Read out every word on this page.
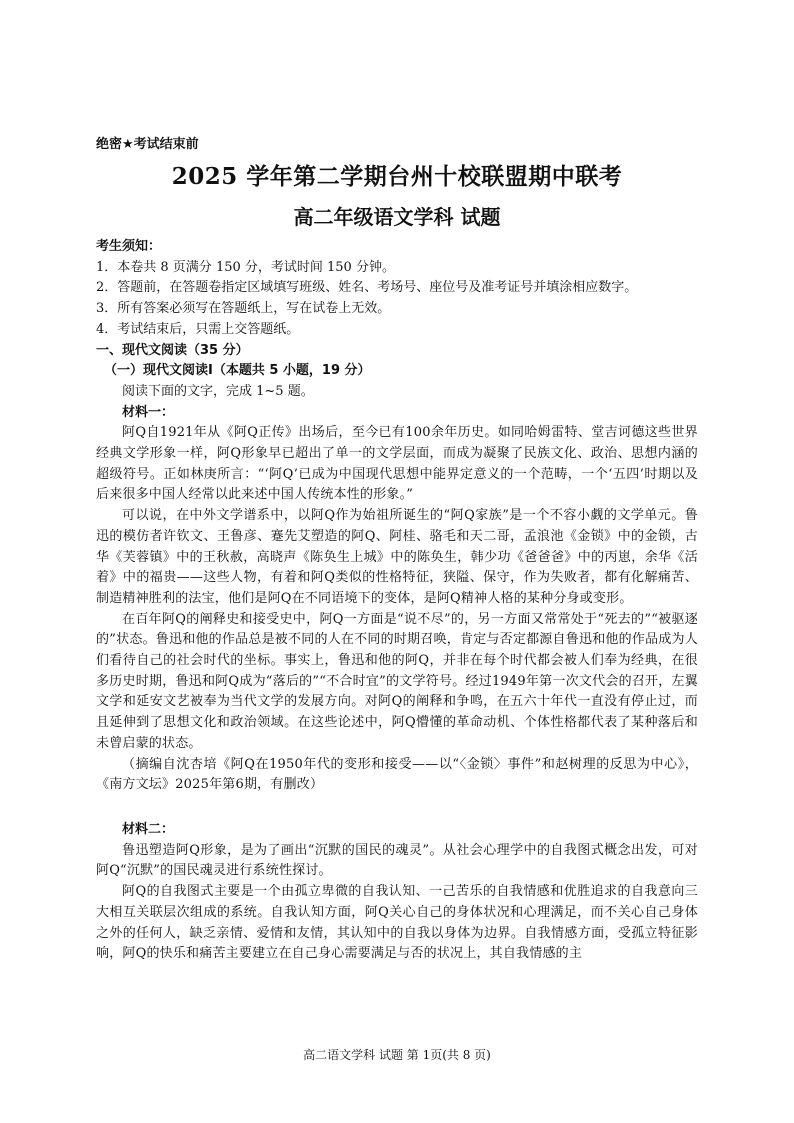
绝密★考试结束前
2025 学年第二学期台州十校联盟期中联考
高二年级语文学科 试题

考生须知：

1．本卷共 8 页满分 150 分，考试时间 150 分钟。

2．答题前，在答题卷指定区域填写班级、姓名、考场号、座位号及准考证号并填涂相应数字。

3．所有答案必须写在答题纸上，写在试卷上无效。

4．考试结束后，只需上交答题纸。

一、现代文阅读（35 分）

（一）现代文阅读Ⅰ（本题共 5 小题，19 分）

阅读下面的文字，完成 1~5 题。

材料一：

阿Q自1921年从《阿Q正传》出场后，至今已有100余年历史。如同哈姆雷特、堂吉诃德这些世界经典文学形象一样，阿Q形象早已超出了单一的文学层面，而成为凝聚了民族文化、政治、思想内涵的超级符号。正如林庚所言：“‘阿Q’已成为中国现代思想中能界定意义的一个范畴，一个‘五四’时期以及后来很多中国人经常以此来述中国人传统本性的形象。”

可以说，在中外文学谱系中，以阿Q作为始祖所诞生的“阿Q家族”是一个不容小觑的文学单元。鲁迅的模仿者许钦文、王鲁彦、蹇先艾塑造的阿Q、阿桂、骆毛和天二哥，孟浪池《金锁》中的金锁，古华《芙蓉镇》中的王秋赦，高晓声《陈奂生上城》中的陈奂生，韩少功《爸爸爸》中的丙崽，余华《活着》中的福贵——这些人物，有着和阿Q类似的性格特征，狭隘、保守，作为失败者，都有化解痛苦、制造精神胜利的法宝，他们是阿Q在不同语境下的变体，是阿Q精神人格的某种分身或变形。

在百年阿Q的阐释史和接受史中，阿Q一方面是“说不尽”的，另一方面又常常处于“死去的”“被驱逐的”状态。鲁迅和他的作品总是被不同的人在不同的时期召唤，肯定与否定都源自鲁迅和他的作品成为人们看待自己的社会时代的坐标。事实上，鲁迅和他的阿Q，并非在每个时代都会被人们奉为经典，在很多历史时期，鲁迅和阿Q成为“落后的”“不合时宜”的文学符号。经过1949年第一次文代会的召开，左翼文学和延安文艺被奉为当代文学的发展方向。对阿Q的阐释和争鸣，在五六十年代一直没有停止过，而且延伸到了思想文化和政治领域。在这些论述中，阿Q懵懂的革命动机、个体性格都代表了某种落后和未曾启蒙的状态。

（摘编自沈杏培《阿Q在1950年代的变形和接受——以“〈金锁〉事件”和赵树理的反思为中心》，《南方文坛》2025年第6期，有删改）

材料二：

鲁迅塑造阿Q形象，是为了画出“沉默的国民的魂灵”。从社会心理学中的自我图式概念出发，可对阿Q“沉默”的国民魂灵进行系统性探讨。

阿Q的自我图式主要是一个由孤立卑微的自我认知、一己苦乐的自我情感和优胜追求的自我意向三大相互关联层次组成的系统。自我认知方面，阿Q关心自己的身体状况和心理满足，而不关心自己身体之外的任何人，缺乏亲情、爱情和友情，其认知中的自我以身体为边界。自我情感方面，受孤立特征影响，阿Q的快乐和痛苦主要建立在自己身心需要满足与否的状况上，其自我情感的主

高二语文学科 试题 第 1页(共 8 页)
